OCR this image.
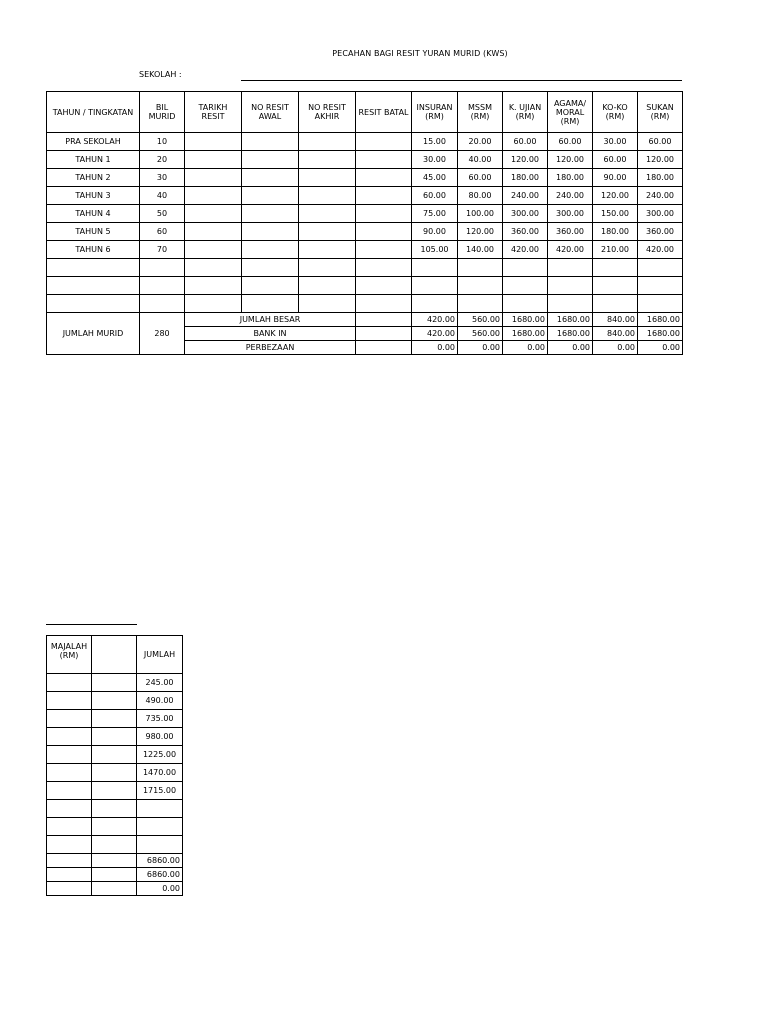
PECAHAN BAGI RESIT YURAN MURID (KWS)
SEKOLAH :
TAHUN / TINGKATAN	BIL MURID	TARIKH RESIT	NO RESIT AWAL	NO RESIT AKHIR	RESIT BATAL	INSURAN (RM)	MSSM (RM)	K. UJIAN (RM)	AGAMA/ MORAL (RM)	KO-KO (RM)	SUKAN (RM)
PRA SEKOLAH	10					15.00	20.00	60.00	60.00	30.00	60.00
TAHUN 1	20					30.00	40.00	120.00	120.00	60.00	120.00
TAHUN 2	30					45.00	60.00	180.00	180.00	90.00	180.00
TAHUN 3	40					60.00	80.00	240.00	240.00	120.00	240.00
TAHUN 4	50					75.00	100.00	300.00	300.00	150.00	300.00
TAHUN 5	60					90.00	120.00	360.00	360.00	180.00	360.00
TAHUN 6	70					105.00	140.00	420.00	420.00	210.00	420.00

JUMLAH MURID	280	JUMLAH BESAR				420.00	560.00	1680.00	1680.00	840.00	1680.00
		BANK IN				420.00	560.00	1680.00	1680.00	840.00	1680.00
		PERBEZAAN				0.00	0.00	0.00	0.00	0.00	0.00
MAJALAH (RM)		JUMLAH
		245.00
		490.00
		735.00
		980.00
		1225.00
		1470.00
		1715.00

		6860.00
		6860.00
		0.00
